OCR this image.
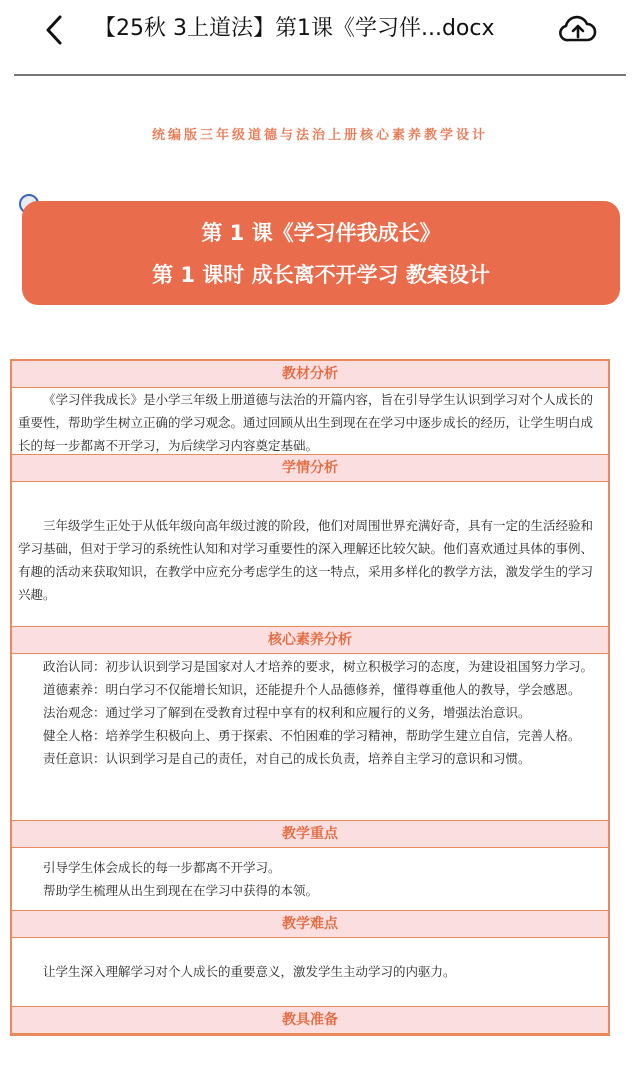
【25秋 3上道法】第1课《学习伴...docx
统编版三年级道德与法治上册核心素养教学设计
第 1 课《学习伴我成长》
第 1 课时 成长离不开学习 教案设计
教材分析

《学习伴我成长》是小学三年级上册道德与法治的开篇内容，旨在引导学生认识到学习对个人成长的重要性，帮助学生树立正确的学习观念。通过回顾从出生到现在在学习中逐步成长的经历，让学生明白成长的每一步都离不开学习，为后续学习内容奠定基础。

学情分析

三年级学生正处于从低年级向高年级过渡的阶段，他们对周围世界充满好奇，具有一定的生活经验和学习基础，但对于学习的系统性认知和对学习重要性的深入理解还比较欠缺。他们喜欢通过具体的事例、有趣的活动来获取知识，在教学中应充分考虑学生的这一特点，采用多样化的教学方法，激发学生的学习兴趣。

核心素养分析

政治认同：初步认识到学习是国家对人才培养的要求，树立积极学习的态度，为建设祖国努力学习。

道德素养：明白学习不仅能增长知识，还能提升个人品德修养，懂得尊重他人的教导，学会感恩。

法治观念：通过学习了解到在受教育过程中享有的权利和应履行的义务，增强法治意识。

健全人格：培养学生积极向上、勇于探索、不怕困难的学习精神，帮助学生建立自信，完善人格。

责任意识：认识到学习是自己的责任，对自己的成长负责，培养自主学习的意识和习惯。

教学重点

引导学生体会成长的每一步都离不开学习。

帮助学生梳理从出生到现在在学习中获得的本领。

教学难点

让学生深入理解学习对个人成长的重要意义，激发学生主动学习的内驱力。

教具准备
